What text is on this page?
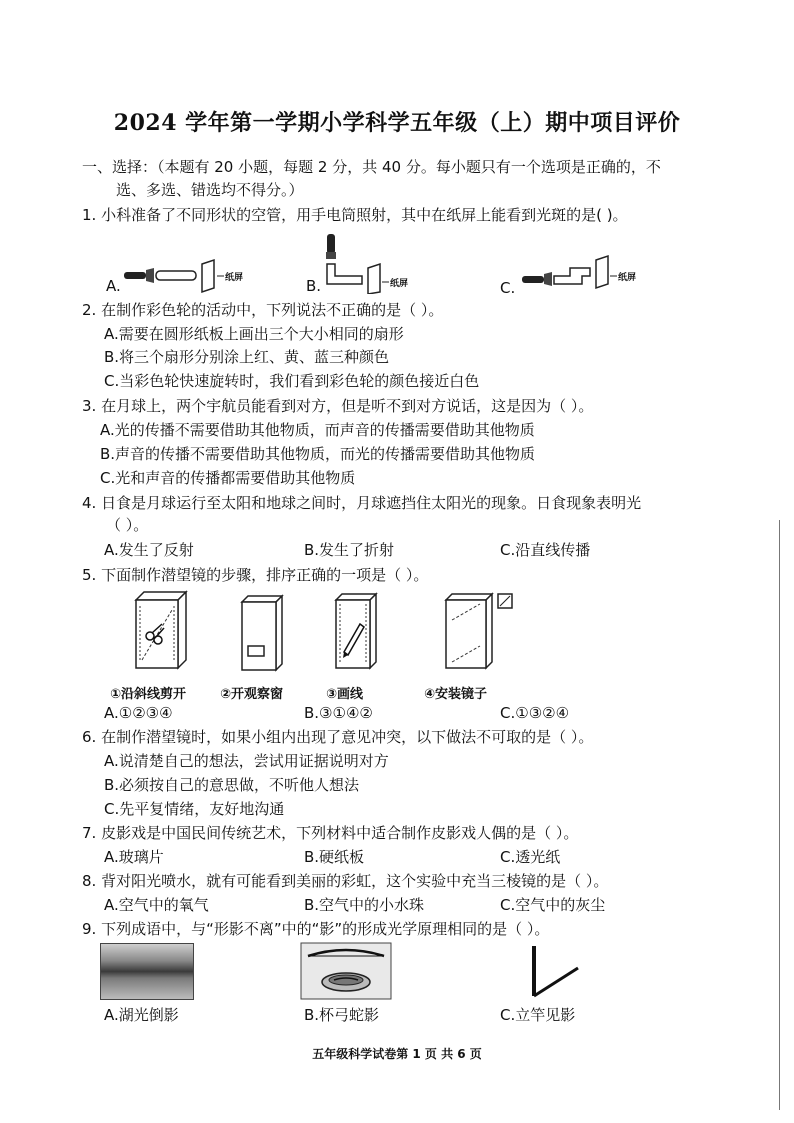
2024 学年第一学期小学科学五年级（上）期中项目评价
一、选择：（本题有 20 小题，每题 2 分，共 40 分。每小题只有一个选项是正确的，不
选、多选、错选均不得分。）
1. 小科准备了不同形状的空管，用手电筒照射，其中在纸屏上能看到光斑的是( )。
A.	B.	C.
纸屏
纸屏
纸屏
2. 在制作彩色轮的活动中，下列说法不正确的是（ ）。
A.需要在圆形纸板上画出三个大小相同的扇形
B.将三个扇形分别涂上红、黄、蓝三种颜色
C.当彩色轮快速旋转时，我们看到彩色轮的颜色接近白色
3. 在月球上，两个宇航员能看到对方，但是听不到对方说话，这是因为（ ）。
A.光的传播不需要借助其他物质，而声音的传播需要借助其他物质
B.声音的传播不需要借助其他物质，而光的传播需要借助其他物质
C.光和声音的传播都需要借助其他物质
4. 日食是月球运行至太阳和地球之间时，月球遮挡住太阳光的现象。日食现象表明光
（ ）。
A.发生了反射	B.发生了折射	C.沿直线传播
5. 下面制作潜望镜的步骤，排序正确的一项是（ ）。
①沿斜线剪开	②开观察窗	③画线	④安装镜子
A.①②③④	B.③①④②	C.①③②④
6. 在制作潜望镜时，如果小组内出现了意见冲突，以下做法不可取的是（ ）。
A.说清楚自己的想法，尝试用证据说明对方
B.必须按自己的意思做，不听他人想法
C.先平复情绪，友好地沟通
7. 皮影戏是中国民间传统艺术，下列材料中适合制作皮影戏人偶的是（ ）。
A.玻璃片	B.硬纸板	C.透光纸
8. 背对阳光喷水，就有可能看到美丽的彩虹，这个实验中充当三棱镜的是（ ）。
A.空气中的氧气	B.空气中的小水珠	C.空气中的灰尘
9. 下列成语中，与“形影不离”中的“影”的形成光学原理相同的是（ ）。
A.湖光倒影	B.杯弓蛇影	C.立竿见影
五年级科学试卷第 1 页 共 6 页
